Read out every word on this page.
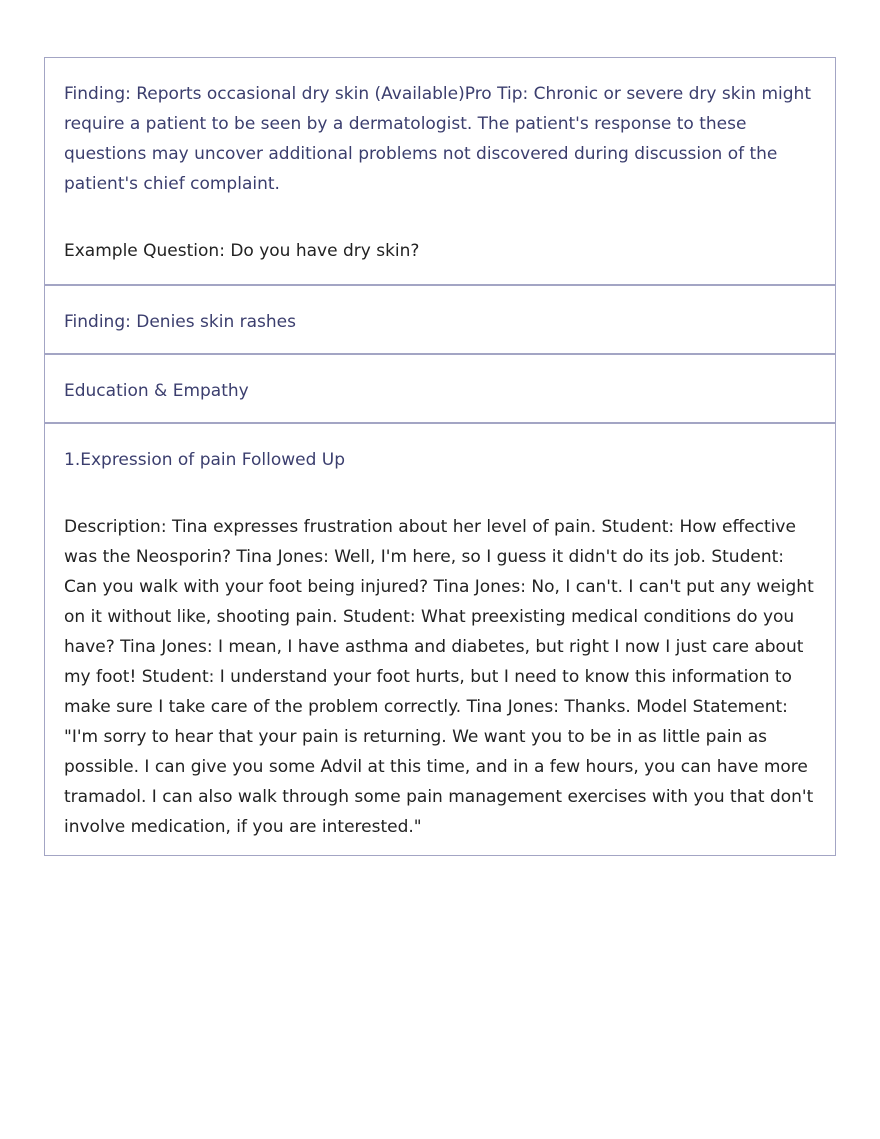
Finding: Reports occasional dry skin (Available)Pro Tip: Chronic or severe dry skin might require a patient to be seen by a dermatologist. The patient's response to these questions may uncover additional problems not discovered during discussion of the patient's chief complaint.

Example Question: Do you have dry skin?

Finding: Denies skin rashes

Education & Empathy

1.Expression of pain Followed Up

Description: Tina expresses frustration about her level of pain. Student: How effective was the Neosporin? Tina Jones: Well, I'm here, so I guess it didn't do its job. Student: Can you walk with your foot being injured? Tina Jones: No, I can't. I can't put any weight on it without like, shooting pain. Student: What preexisting medical conditions do you have? Tina Jones: I mean, I have asthma and diabetes, but right I now I just care about my foot! Student: I understand your foot hurts, but I need to know this information to make sure I take care of the problem correctly. Tina Jones: Thanks. Model Statement: "I'm sorry to hear that your pain is returning. We want you to be in as little pain as possible. I can give you some Advil at this time, and in a few hours, you can have more tramadol. I can also walk through some pain management exercises with you that don't involve medication, if you are interested."
